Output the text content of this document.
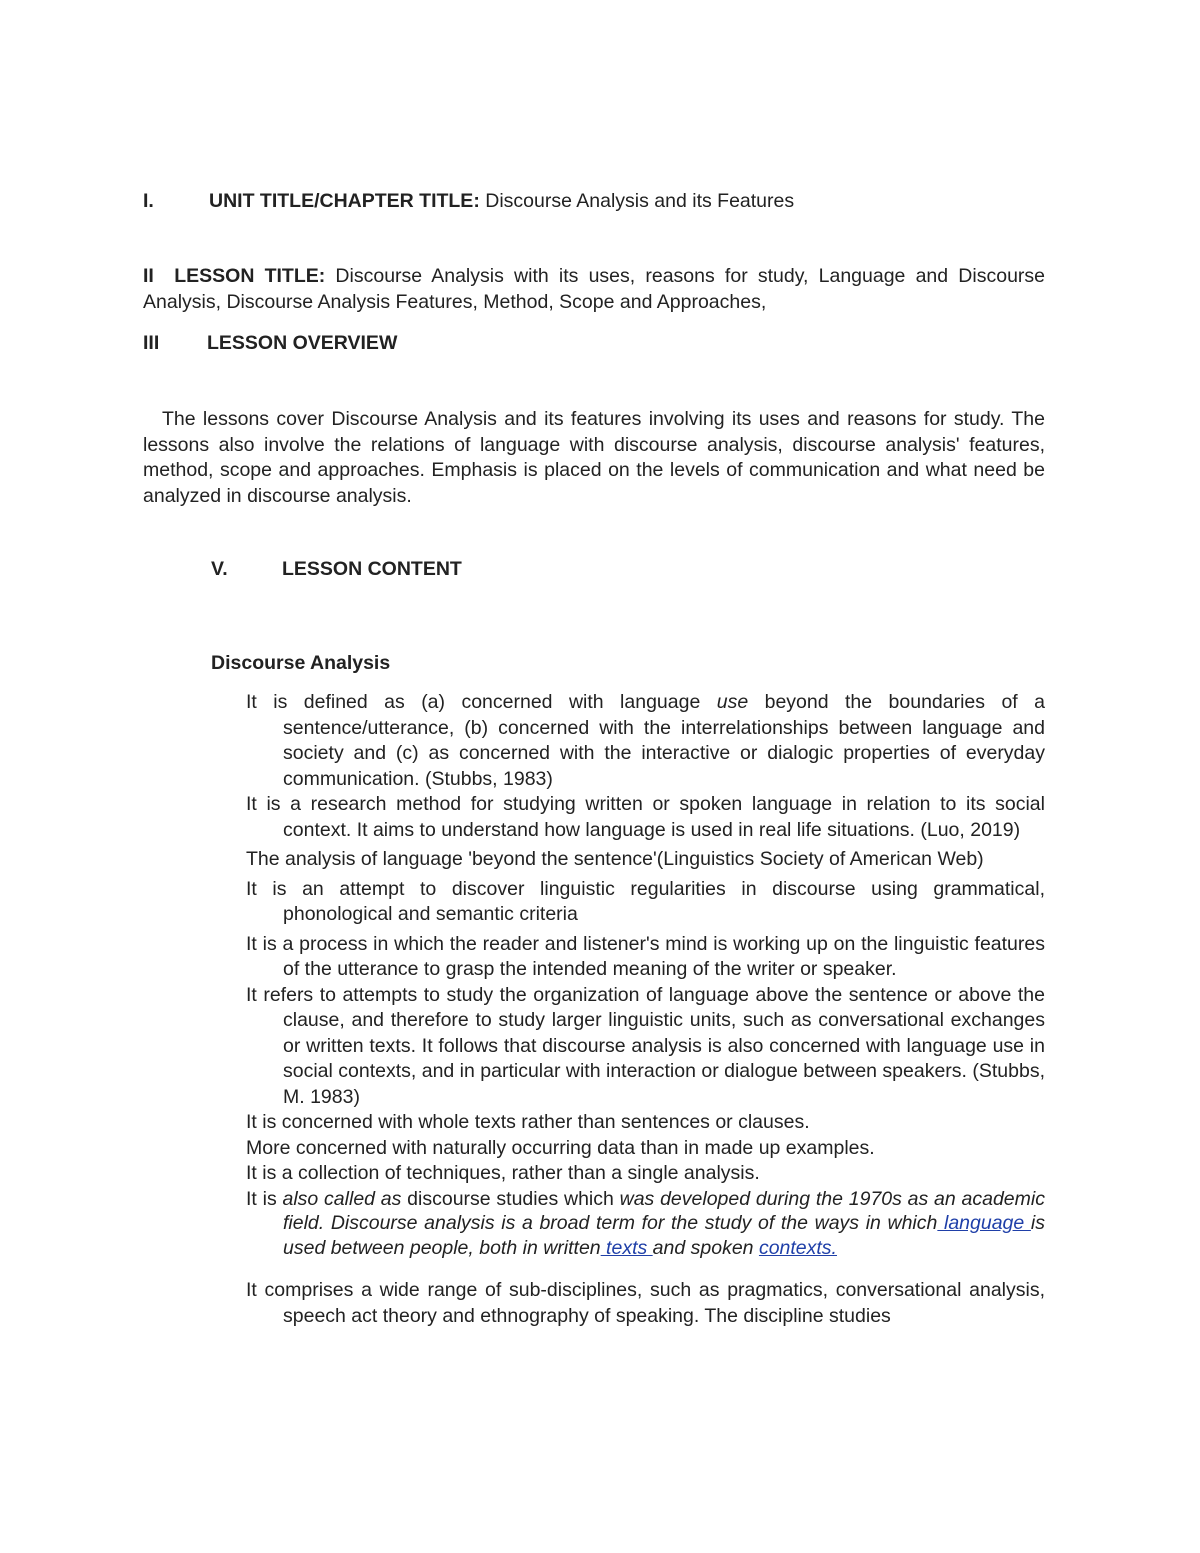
I.	UNIT TITLE/CHAPTER TITLE: Discourse Analysis and its Features
II LESSON TITLE: Discourse Analysis with its uses, reasons for study, Language and Discourse Analysis, Discourse Analysis Features, Method, Scope and Approaches,
III LESSON OVERVIEW
The lessons cover Discourse Analysis and its features involving its uses and reasons for study. The lessons also involve the relations of language with discourse analysis, discourse analysis' features, method, scope and approaches. Emphasis is placed on the levels of communication and what need be analyzed in discourse analysis.
V.	LESSON CONTENT
Discourse Analysis
It is defined as (a) concerned with language use beyond the boundaries of a sentence/utterance, (b) concerned with the interrelationships between language and society and (c) as concerned with the interactive or dialogic properties of everyday communication. (Stubbs, 1983)
It is a research method for studying written or spoken language in relation to its social context. It aims to understand how language is used in real life situations. (Luo, 2019)
The analysis of language 'beyond the sentence'(Linguistics Society of American Web)
It is an attempt to discover linguistic regularities in discourse using grammatical, phonological and semantic criteria
It is a process in which the reader and listener's mind is working up on the linguistic features of the utterance to grasp the intended meaning of the writer or speaker.
It refers to attempts to study the organization of language above the sentence or above the clause, and therefore to study larger linguistic units, such as conversational exchanges or written texts. It follows that discourse analysis is also concerned with language use in social contexts, and in particular with interaction or dialogue between speakers. (Stubbs, M. 1983)
It is concerned with whole texts rather than sentences or clauses.
More concerned with naturally occurring data than in made up examples.
It is a collection of techniques, rather than a single analysis.
It is also called as discourse studies which was developed during the 1970s as an academic field. Discourse analysis is a broad term for the study of the ways in which language is used between people, both in written texts and spoken contexts.
It comprises a wide range of sub-disciplines, such as pragmatics, conversational analysis, speech act theory and ethnography of speaking. The discipline studies
